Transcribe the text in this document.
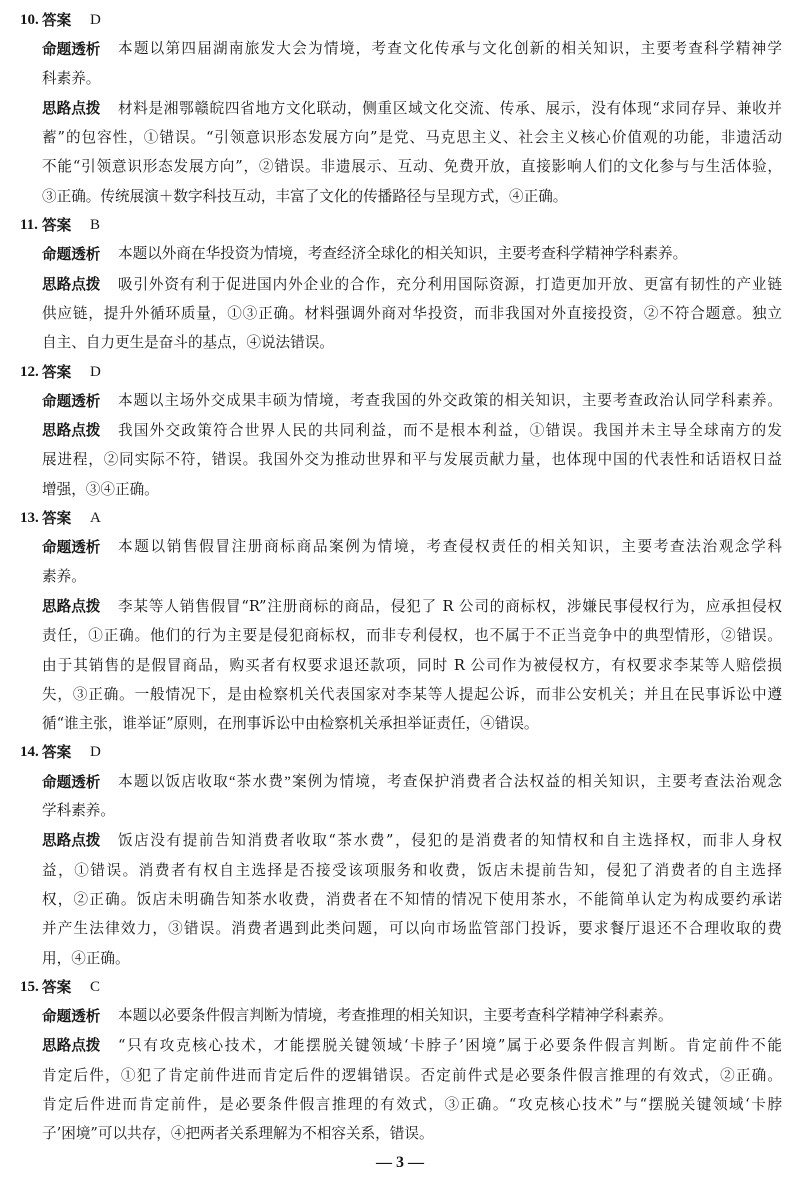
10. 答案 D
命题透析	本题以第四届湖南旅发大会为情境，考查文化传承与文化创新的相关知识，主要考查科学精神学
科素养。
思路点拨	材料是湘鄂赣皖四省地方文化联动，侧重区域文化交流、传承、展示，没有体现“求同存异、兼收并
蓄”的包容性，①错误。“引领意识形态发展方向”是党、马克思主义、社会主义核心价值观的功能，非遗活动
不能“引领意识形态发展方向”，②错误。非遗展示、互动、免费开放，直接影响人们的文化参与与生活体验，
③正确。传统展演＋数字科技互动，丰富了文化的传播路径与呈现方式，④正确。
11. 答案 B
命题透析	本题以外商在华投资为情境，考查经济全球化的相关知识，主要考查科学精神学科素养。
思路点拨	吸引外资有利于促进国内外企业的合作，充分利用国际资源，打造更加开放、更富有韧性的产业链
供应链，提升外循环质量，①③正确。材料强调外商对华投资，而非我国对外直接投资，②不符合题意。独立
自主、自力更生是奋斗的基点，④说法错误。
12. 答案 D
命题透析	本题以主场外交成果丰硕为情境，考查我国的外交政策的相关知识，主要考查政治认同学科素养。
思路点拨	我国外交政策符合世界人民的共同利益，而不是根本利益，①错误。我国并未主导全球南方的发
展进程，②同实际不符，错误。我国外交为推动世界和平与发展贡献力量，也体现中国的代表性和话语权日益
增强，③④正确。
13. 答案 A
命题透析	本题以销售假冒注册商标商品案例为情境，考查侵权责任的相关知识，主要考查法治观念学科
素养。
思路点拨	李某等人销售假冒“R”注册商标的商品，侵犯了 R 公司的商标权，涉嫌民事侵权行为，应承担侵权
责任，①正确。他们的行为主要是侵犯商标权，而非专利侵权，也不属于不正当竞争中的典型情形，②错误。
由于其销售的是假冒商品，购买者有权要求退还款项，同时 R 公司作为被侵权方，有权要求李某等人赔偿损
失，③正确。一般情况下，是由检察机关代表国家对李某等人提起公诉，而非公安机关；并且在民事诉讼中遵
循“谁主张，谁举证”原则，在刑事诉讼中由检察机关承担举证责任，④错误。
14. 答案 D
命题透析	本题以饭店收取“茶水费”案例为情境，考查保护消费者合法权益的相关知识，主要考查法治观念
学科素养。
思路点拨	饭店没有提前告知消费者收取“茶水费”，侵犯的是消费者的知情权和自主选择权，而非人身权
益，①错误。消费者有权自主选择是否接受该项服务和收费，饭店未提前告知，侵犯了消费者的自主选择
权，②正确。饭店未明确告知茶水收费，消费者在不知情的情况下使用茶水，不能简单认定为构成要约承诺
并产生法律效力，③错误。消费者遇到此类问题，可以向市场监管部门投诉，要求餐厅退还不合理收取的费
用，④正确。
15. 答案 C
命题透析	本题以必要条件假言判断为情境，考查推理的相关知识，主要考查科学精神学科素养。
思路点拨	“只有攻克核心技术，才能摆脱关键领域‘卡脖子’困境”属于必要条件假言判断。肯定前件不能
肯定后件，①犯了肯定前件进而肯定后件的逻辑错误。否定前件式是必要条件假言推理的有效式，②正确。
肯定后件进而肯定前件，是必要条件假言推理的有效式，③正确。“攻克核心技术”与“摆脱关键领域‘卡脖
子’困境”可以共存，④把两者关系理解为不相容关系，错误。
— 3 —
